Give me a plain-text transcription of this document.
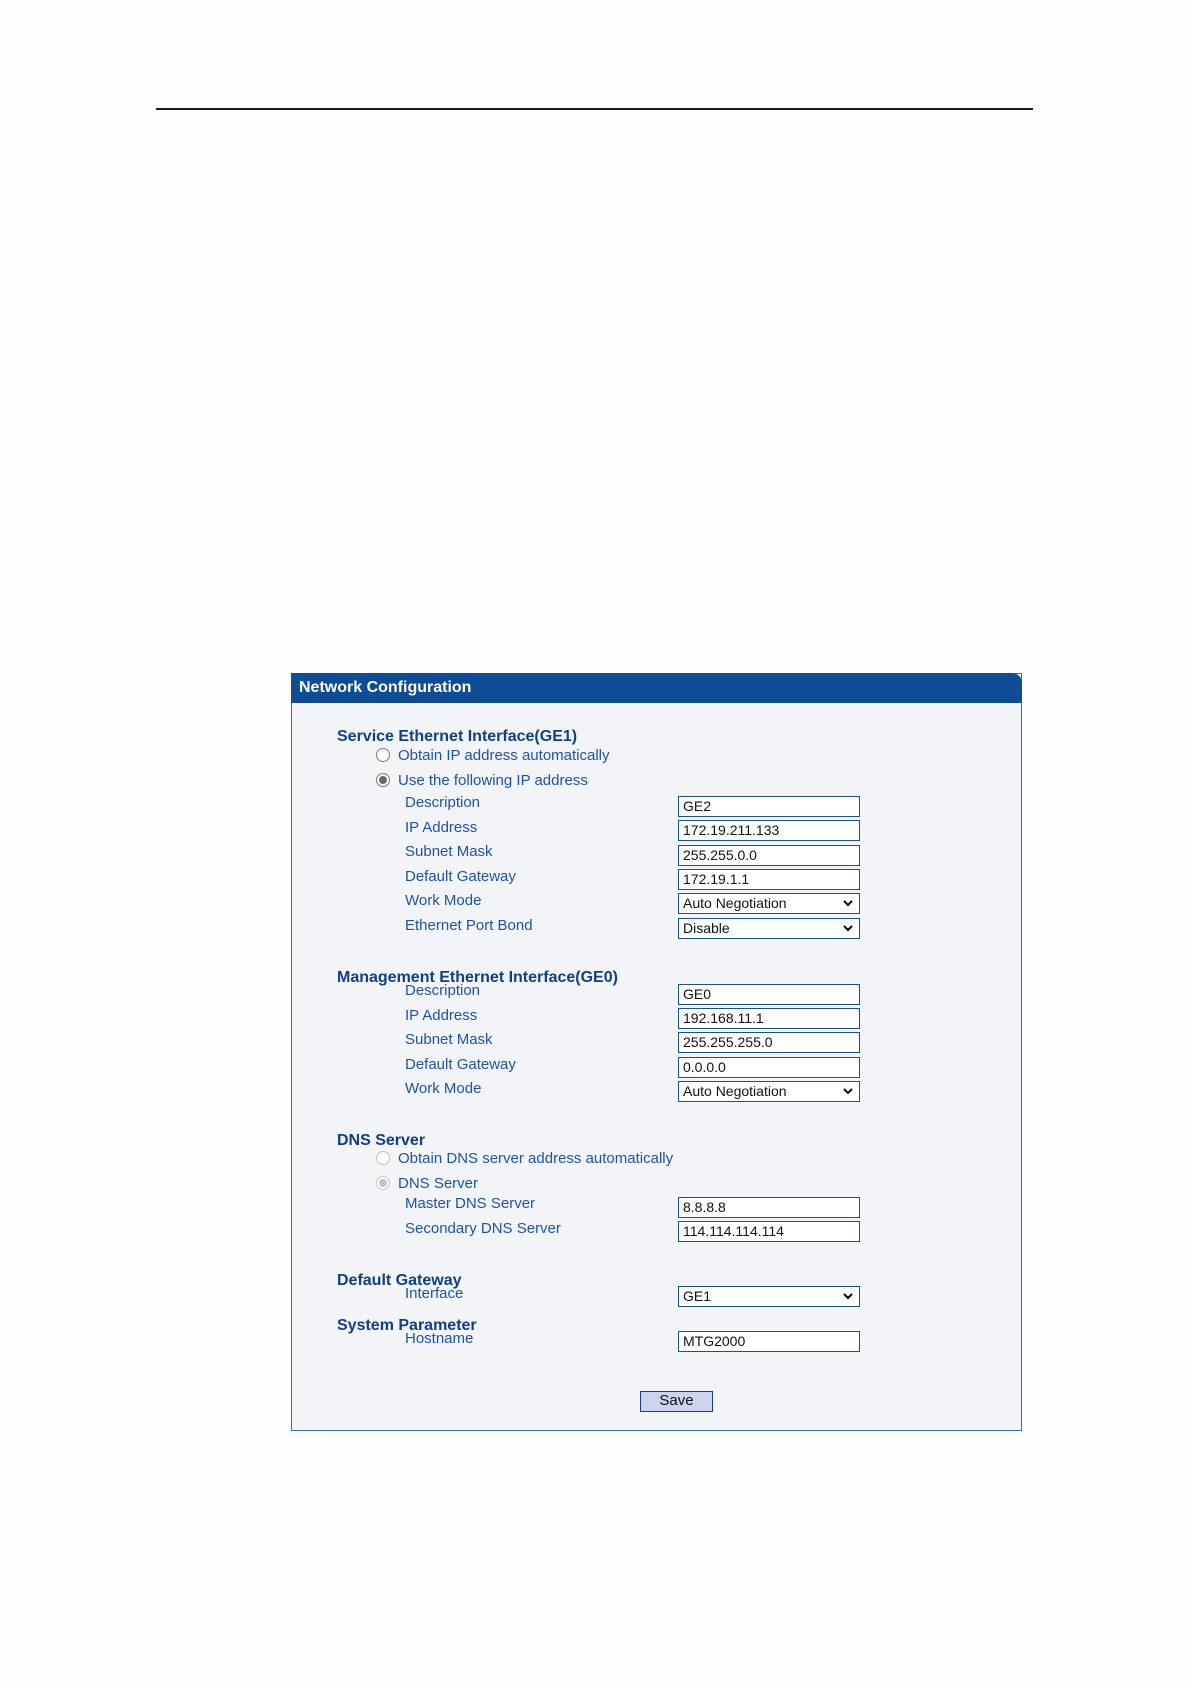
Network Configuration
Service Ethernet Interface(GE1)
Obtain IP address automatically
Use the following IP address
Description	GE2
IP Address	172.19.211.133
Subnet Mask	255.255.0.0
Default Gateway	172.19.1.1
Work Mode	Auto Negotiation
Ethernet Port Bond	Disable
Management Ethernet Interface(GE0)
Description	GE0
IP Address	192.168.11.1
Subnet Mask	255.255.255.0
Default Gateway	0.0.0.0
Work Mode	Auto Negotiation
DNS Server
Obtain DNS server address automatically
DNS Server
Master DNS Server	8.8.8.8
Secondary DNS Server	114.114.114.114
Default Gateway
Interface	GE1
System Parameter
Hostname	MTG2000
Save
